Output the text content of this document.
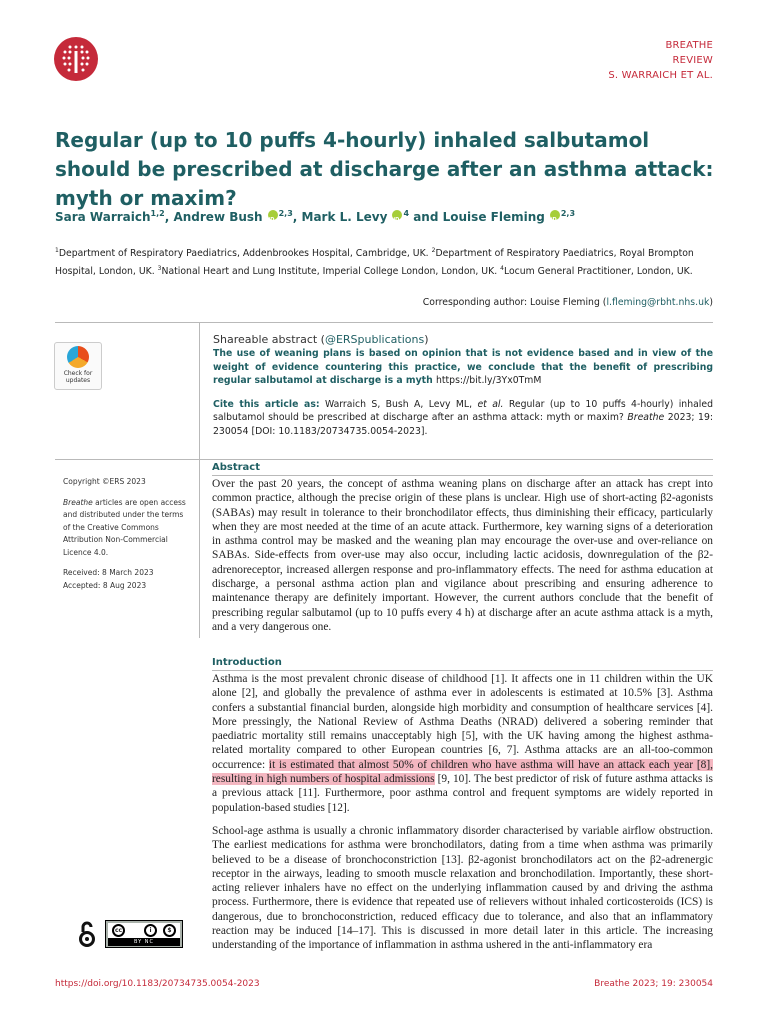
BREATHE
REVIEW
S. WARRAICH ET AL.
Regular (up to 10 puffs 4-hourly) inhaled salbutamol should be prescribed at discharge after an asthma attack: myth or maxim?
Sara Warraich$^{1,2}$, Andrew Bush iD $^{2,3}$, Mark L. Levy iD $^4$ and Louise Fleming iD $^{2,3}$
$^1$Department of Respiratory Paediatrics, Addenbrookes Hospital, Cambridge, UK. $^2$Department of Respiratory Paediatrics, Royal Brompton Hospital, London, UK. $^3$National Heart and Lung Institute, Imperial College London, London, UK. $^4$Locum General Practitioner, London, UK.
Corresponding author: Louise Fleming (l.fleming@rbht.nhs.uk)
Check for updates
Shareable abstract (@ERSpublications)
The use of weaning plans is based on opinion that is not evidence based and in view of the weight of evidence countering this practice, we conclude that the benefit of prescribing regular salbutamol at discharge is a myth https://bit.ly/3Yx0TmM
Cite this article as: Warraich S, Bush A, Levy ML, et al. Regular (up to 10 puffs 4-hourly) inhaled salbutamol should be prescribed at discharge after an asthma attack: myth or maxim? Breathe 2023; 19: 230054 [DOI: 10.1183/20734735.0054-2023].

Copyright ©ERS 2023

Breathe articles are open access and distributed under the terms of the Creative Commons Attribution Non-Commercial Licence 4.0.

Received: 8 March 2023
Accepted: 8 Aug 2023
Abstract
Over the past 20 years, the concept of asthma weaning plans on discharge after an attack has crept into common practice, although the precise origin of these plans is unclear. High use of short-acting β2-agonists (SABAs) may result in tolerance to their bronchodilator effects, thus diminishing their efficacy, particularly when they are most needed at the time of an acute attack. Furthermore, key warning signs of a deterioration in asthma control may be masked and the weaning plan may encourage the over-use and over-reliance on SABAs. Side-effects from over-use may also occur, including lactic acidosis, downregulation of the β2-adrenoreceptor, increased allergen response and pro-inflammatory effects. The need for asthma education at discharge, a personal asthma action plan and vigilance about prescribing and ensuring adherence to maintenance therapy are definitely important. However, the current authors conclude that the benefit of prescribing regular salbutamol (up to 10 puffs every 4 h) at discharge after an acute asthma attack is a myth, and a very dangerous one.
Introduction
Asthma is the most prevalent chronic disease of childhood [1]. It affects one in 11 children within the UK alone [2], and globally the prevalence of asthma ever in adolescents is estimated at 10.5% [3]. Asthma confers a substantial financial burden, alongside high morbidity and consumption of healthcare services [4]. More pressingly, the National Review of Asthma Deaths (NRAD) delivered a sobering reminder that paediatric mortality still remains unacceptably high [5], with the UK having among the highest asthma-related mortality compared to other European countries [6, 7]. Asthma attacks are an all-too-common occurrence: it is estimated that almost 50% of children who have asthma will have an attack each year [8], resulting in high numbers of hospital admissions [9, 10]. The best predictor of risk of future asthma attacks is a previous attack [11]. Furthermore, poor asthma control and frequent symptoms are widely reported in population-based studies [12].
School-age asthma is usually a chronic inflammatory disorder characterised by variable airflow obstruction. The earliest medications for asthma were bronchodilators, dating from a time when asthma was primarily believed to be a disease of bronchoconstriction [13]. β2-agonist bronchodilators act on the β2-adrenergic receptor in the airways, leading to smooth muscle relaxation and bronchodilation. Importantly, these short-acting reliever inhalers have no effect on the underlying inflammation caused by and driving the asthma process. Furthermore, there is evidence that repeated use of relievers without inhaled corticosteroids (ICS) is dangerous, due to bronchoconstriction, reduced efficacy due to tolerance, and also that an inflammatory reaction may be induced [14–17]. This is discussed in more detail later in this article. The increasing understanding of the importance of inflammation in asthma ushered in the anti-inflammatory era
cc	i	$
BY NC
https://doi.org/10.1183/20734735.0054-2023	Breathe 2023; 19: 230054
